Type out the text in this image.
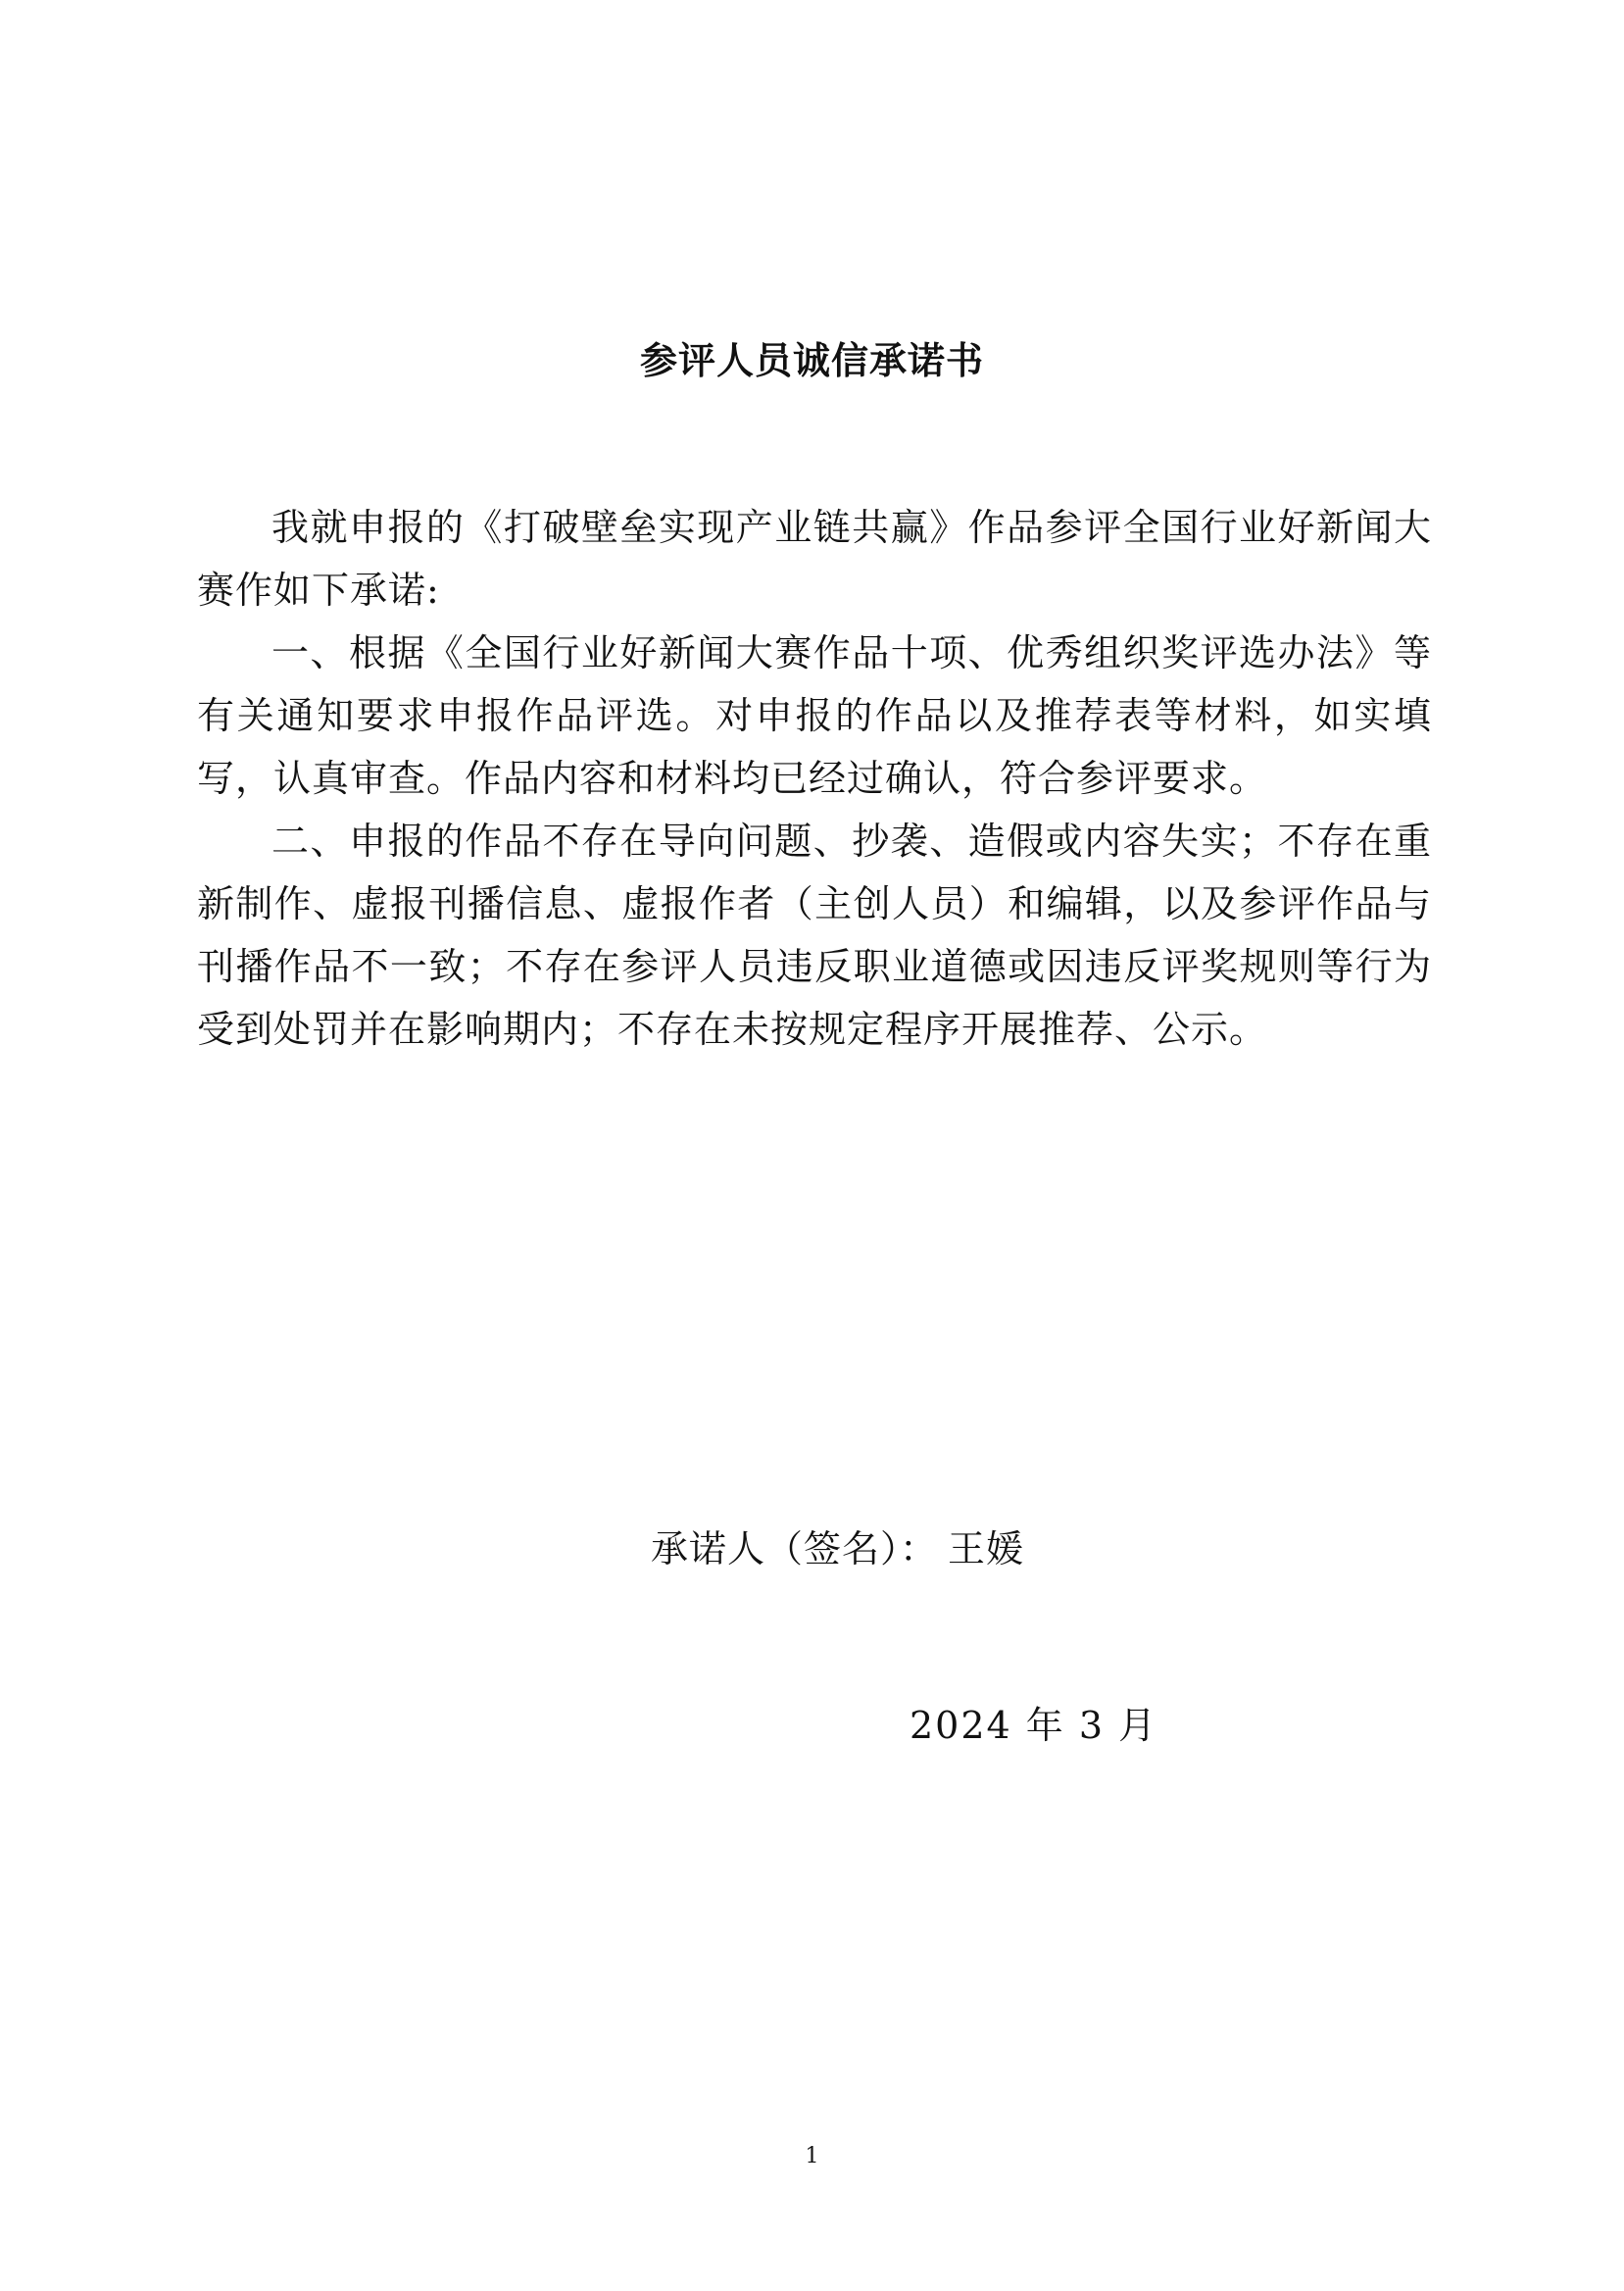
参评人员诚信承诺书

我就申报的《打破壁垒实现产业链共赢》作品参评全国行业好新闻大赛作如下承诺:

一、根据《全国行业好新闻大赛作品十项、优秀组织奖评选办法》等有关通知要求申报作品评选。对申报的作品以及推荐表等材料，如实填写，认真审查。作品内容和材料均已经过确认，符合参评要求。

二、申报的作品不存在导向问题、抄袭、造假或内容失实；不存在重新制作、虚报刊播信息、虚报作者（主创人员）和编辑，以及参评作品与刊播作品不一致；不存在参评人员违反职业道德或因违反评奖规则等行为受到处罚并在影响期内；不存在未按规定程序开展推荐、公示。

承诺人（签名）： 王媛
2024 年 3 月
1
